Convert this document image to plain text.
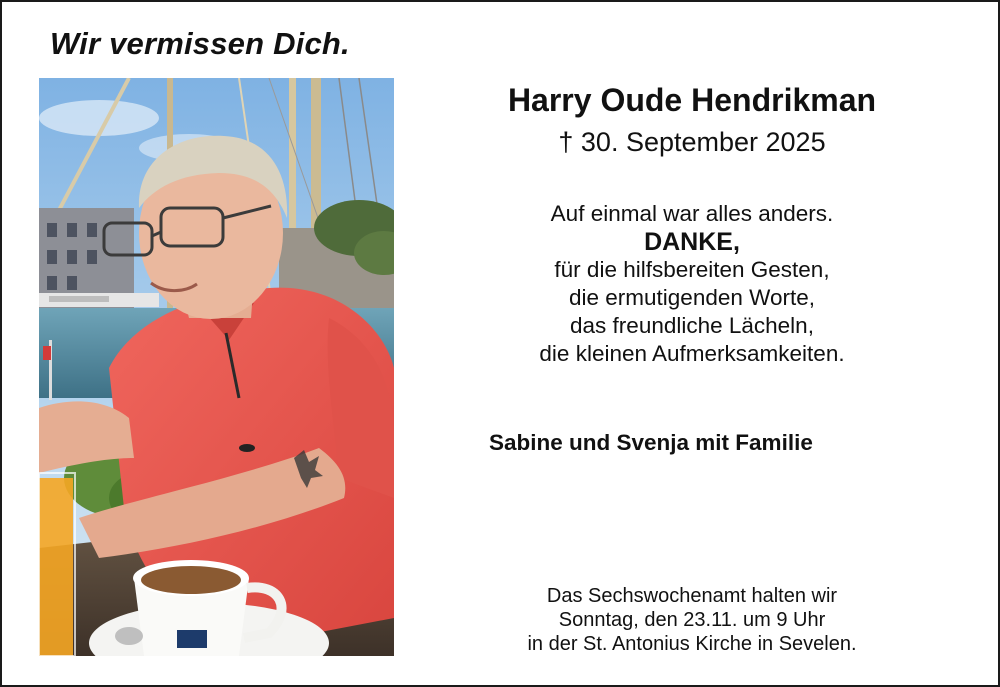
Wir vermissen Dich.
Harry Oude Hendrikman
† 30. September 2025
Auf einmal war alles anders.
DANKE,
für die hilfsbereiten Gesten,
die ermutigenden Worte,
das freundliche Lächeln,
die kleinen Aufmerksamkeiten.
Sabine und Svenja mit Familie
Das Sechswochenamt halten wir
Sonntag, den 23.11. um 9 Uhr
in der St. Antonius Kirche in Sevelen.
